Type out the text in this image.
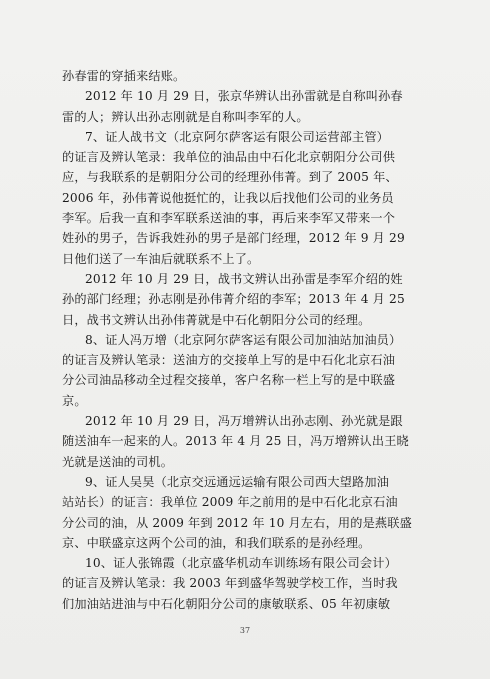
孙春雷的穿插来结账。
2012 年 10 月 29 日，张京华辨认出孙雷就是自称叫孙春
雷的人；辨认出孙志刚就是自称叫李军的人。
7、证人战书文（北京阿尔萨客运有限公司运营部主管）
的证言及辨认笔录：我单位的油品由中石化北京朝阳分公司供
应，与我联系的是朝阳分公司的经理孙伟菁。到了 2005 年、
2006 年，孙伟菁说他挺忙的，让我以后找他们公司的业务员
李军。后我一直和李军联系送油的事，再后来李军又带来一个
姓孙的男子，告诉我姓孙的男子是部门经理，2012 年 9 月 29
日他们送了一车油后就联系不上了。
2012 年 10 月 29 日，战书文辨认出孙雷是李军介绍的姓
孙的部门经理；孙志刚是孙伟菁介绍的李军；2013 年 4 月 25
日，战书文辨认出孙伟菁就是中石化朝阳分公司的经理。
8、证人冯万增（北京阿尔萨客运有限公司加油站加油员）
的证言及辨认笔录：送油方的交接单上写的是中石化北京石油
分公司油品移动全过程交接单，客户名称一栏上写的是中联盛
京。
2012 年 10 月 29 日，冯万增辨认出孙志刚、孙光就是跟
随送油车一起来的人。2013 年 4 月 25 日，冯万增辨认出王晓
光就是送油的司机。
9、证人吴昊（北京交远通远运输有限公司西大望路加油
站站长）的证言：我单位 2009 年之前用的是中石化北京石油
分公司的油，从 2009 年到 2012 年 10 月左右，用的是燕联盛
京、中联盛京这两个公司的油，和我们联系的是孙经理。
10、证人张锦霞（北京盛华机动车训练场有限公司会计）
的证言及辨认笔录：我 2003 年到盛华驾驶学校工作，当时我
们加油站进油与中石化朝阳分公司的康敏联系、05 年初康敏
37
